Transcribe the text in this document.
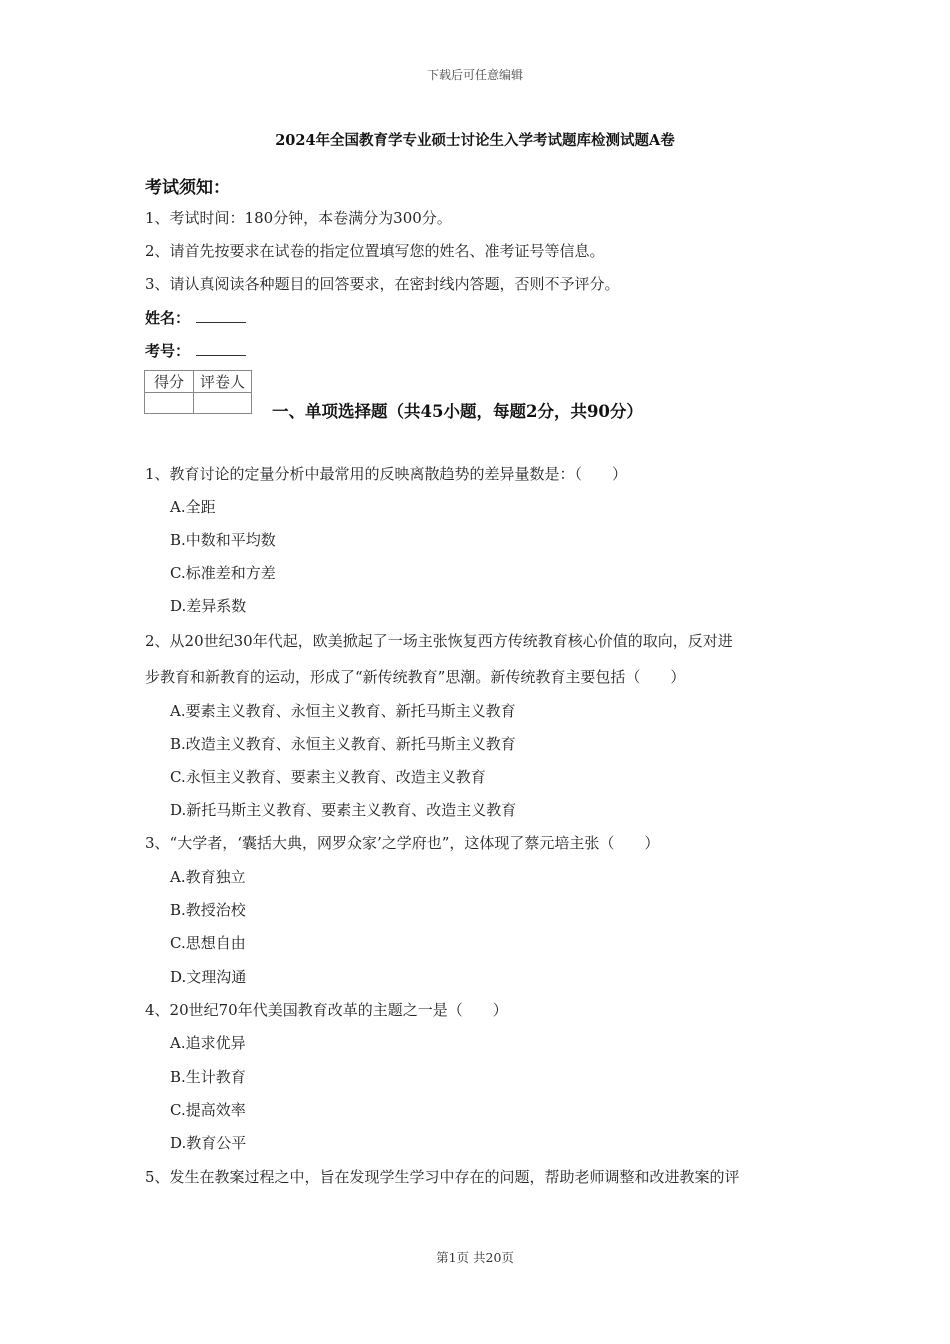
下载后可任意编辑
2024年全国教育学专业硕士讨论生入学考试题库检测试题A卷
考试须知：
1、考试时间：180分钟，本卷满分为300分。
2、请首先按要求在试卷的指定位置填写您的姓名、准考证号等信息。
3、请认真阅读各种题目的回答要求，在密封线内答题，否则不予评分。
姓名：
考号：
得分	评卷人

一、单项选择题（共45小题，每题2分，共90分）
1、教育讨论的定量分析中最常用的反映离散趋势的差异量数是：（　　）
A.全距
B.中数和平均数
C.标准差和方差
D.差异系数
2、从20世纪30年代起，欧美掀起了一场主张恢复西方传统教育核心价值的取向，反对进
步教育和新教育的运动，形成了“新传统教育”思潮。新传统教育主要包括（　　）
A.要素主义教育、永恒主义教育、新托马斯主义教育
B.改造主义教育、永恒主义教育、新托马斯主义教育
C.永恒主义教育、要素主义教育、改造主义教育
D.新托马斯主义教育、要素主义教育、改造主义教育
3、“大学者，‘囊括大典，网罗众家’之学府也”，这体现了蔡元培主张（　　）
A.教育独立
B.教授治校
C.思想自由
D.文理沟通
4、20世纪70年代美国教育改革的主题之一是（　　）
A.追求优异
B.生计教育
C.提高效率
D.教育公平
5、发生在教案过程之中，旨在发现学生学习中存在的问题，帮助老师调整和改进教案的评
第1页 共20页
